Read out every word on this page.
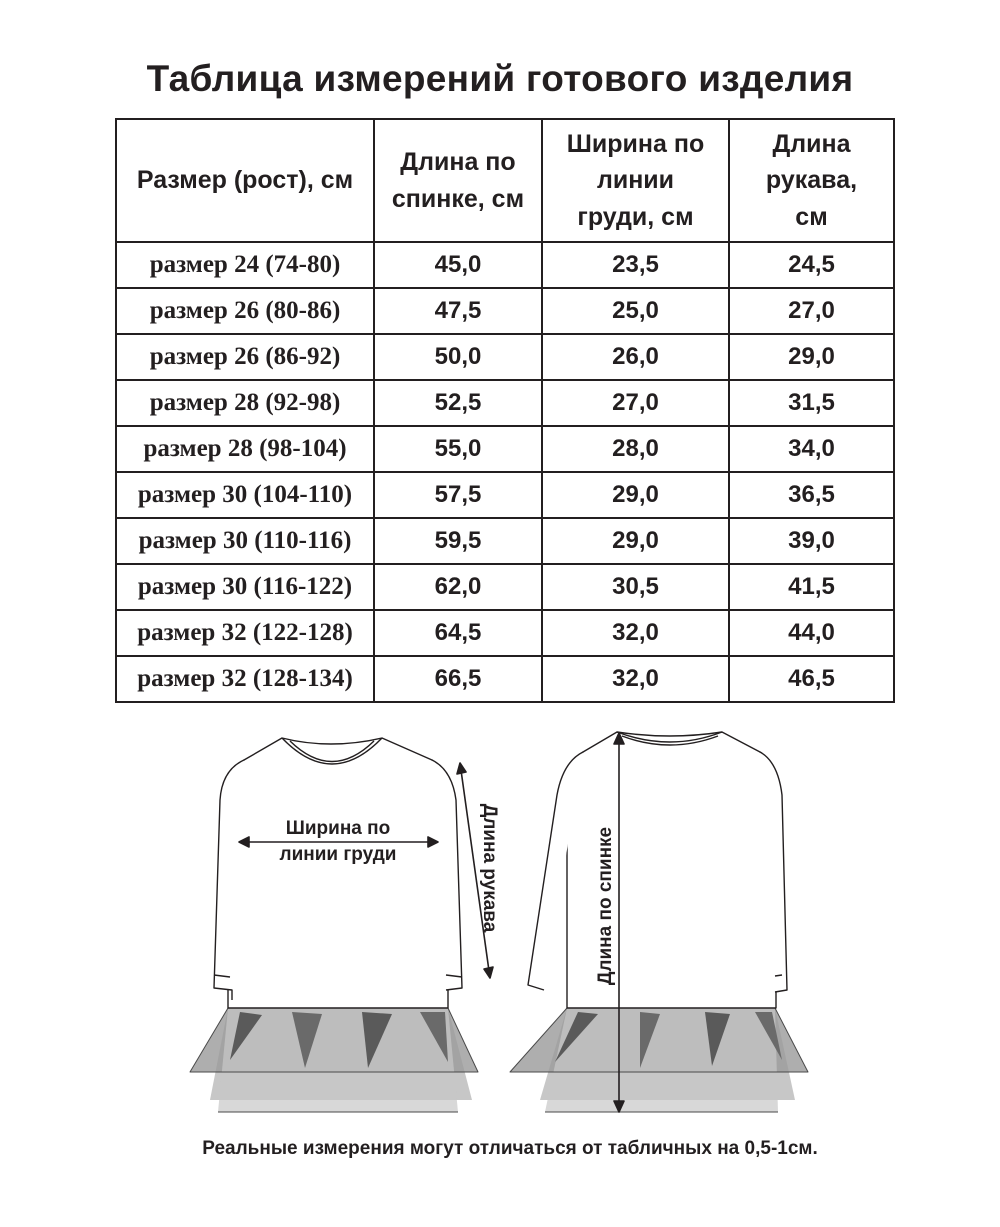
Таблица измерений готового изделия
Размер (рост), см	Длина по спинке, см	Ширина по линии груди, см	Длина рукава, см

размер 24 (74-80)	45,0	23,5	24,5
размер 26 (80-86)	47,5	25,0	27,0
размер 26 (86-92)	50,0	26,0	29,0
размер 28 (92-98)	52,5	27,0	31,5
размер 28 (98-104)	55,0	28,0	34,0
размер 30 (104-110)	57,5	29,0	36,5
размер 30 (110-116)	59,5	29,0	39,0
размер 30 (116-122)	62,0	30,5	41,5
размер 32 (122-128)	64,5	32,0	44,0
размер 32 (128-134)	66,5	32,0	46,5
Ширина по
линии груди	Длина рукава	Длина по спинке
Реальные измерения могут отличаться от табличных на 0,5-1см.
